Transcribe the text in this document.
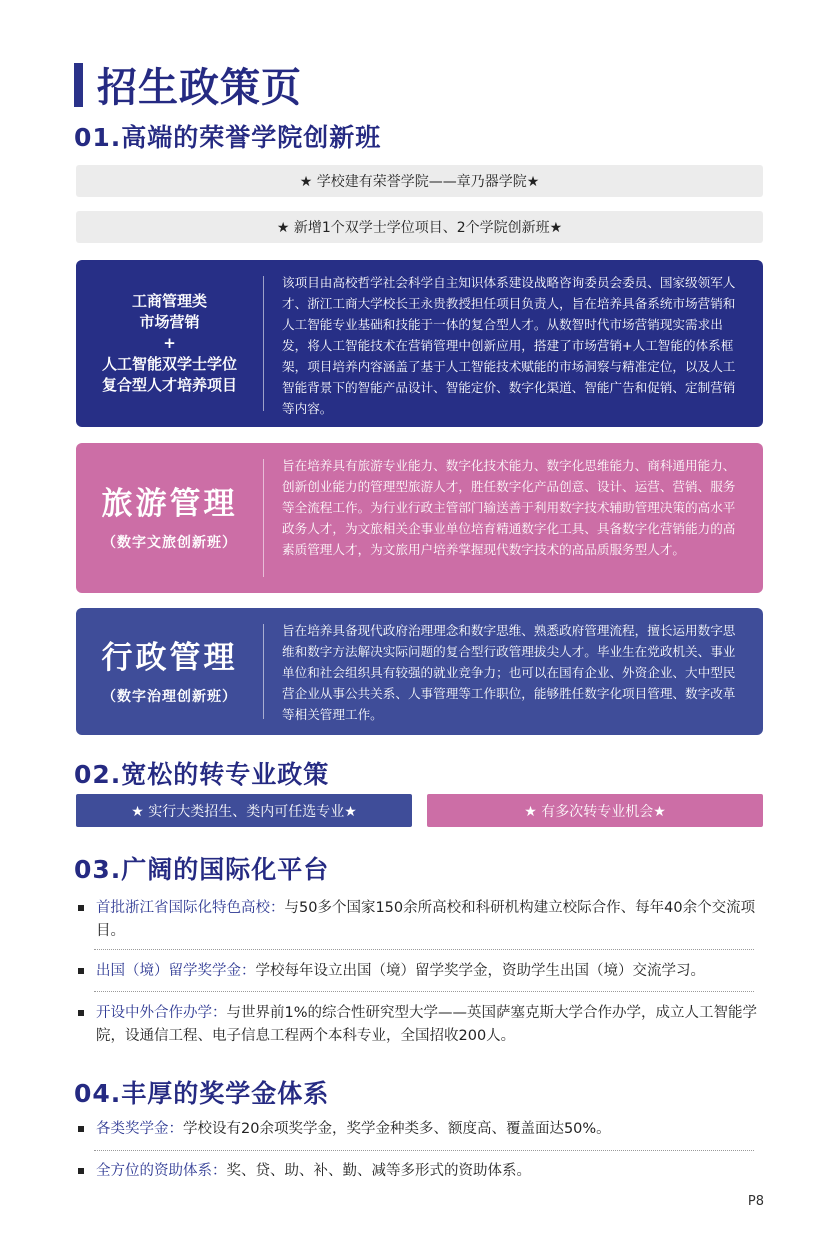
招生政策页
01.高端的荣誉学院创新班
★ 学校建有荣誉学院——章乃器学院★
★ 新增1个双学士学位项目、2个学院创新班★
工商管理类
市场营销
+
人工智能双学士学位
复合型人才培养项目
该项目由高校哲学社会科学自主知识体系建设战略咨询委员会委员、国家级领军人才、浙江工商大学校长王永贵教授担任项目负责人，旨在培养具备系统市场营销和人工智能专业基础和技能于一体的复合型人才。从数智时代市场营销现实需求出发，将人工智能技术在营销管理中创新应用，搭建了市场营销+人工智能的体系框架，项目培养内容涵盖了基于人工智能技术赋能的市场洞察与精准定位，以及人工智能背景下的智能产品设计、智能定价、数字化渠道、智能广告和促销、定制营销等内容。
旅游管理
（数字文旅创新班）
旨在培养具有旅游专业能力、数字化技术能力、数字化思维能力、商科通用能力、创新创业能力的管理型旅游人才，胜任数字化产品创意、设计、运营、营销、服务等全流程工作。为行业行政主管部门输送善于利用数字技术辅助管理决策的高水平政务人才，为文旅相关企事业单位培育精通数字化工具、具备数字化营销能力的高素质管理人才，为文旅用户培养掌握现代数字技术的高品质服务型人才。
行政管理
（数字治理创新班）
旨在培养具备现代政府治理理念和数字思维、熟悉政府管理流程，擅长运用数字思维和数字方法解决实际问题的复合型行政管理拔尖人才。毕业生在党政机关、事业单位和社会组织具有较强的就业竞争力；也可以在国有企业、外资企业、大中型民营企业从事公共关系、人事管理等工作职位，能够胜任数字化项目管理、数字改革等相关管理工作。
02.宽松的转专业政策
★ 实行大类招生、类内可任选专业★	★ 有多次转专业机会★
03.广阔的国际化平台
首批浙江省国际化特色高校：与50多个国家150余所高校和科研机构建立校际合作、每年40余个交流项目。
出国（境）留学奖学金：学校每年设立出国（境）留学奖学金，资助学生出国（境）交流学习。
开设中外合作办学：与世界前1%的综合性研究型大学——英国萨塞克斯大学合作办学，成立人工智能学院，设通信工程、电子信息工程两个本科专业，全国招收200人。
04.丰厚的奖学金体系
各类奖学金：学校设有20余项奖学金，奖学金种类多、额度高、覆盖面达50%。
全方位的资助体系：奖、贷、助、补、勤、减等多形式的资助体系。
P8
